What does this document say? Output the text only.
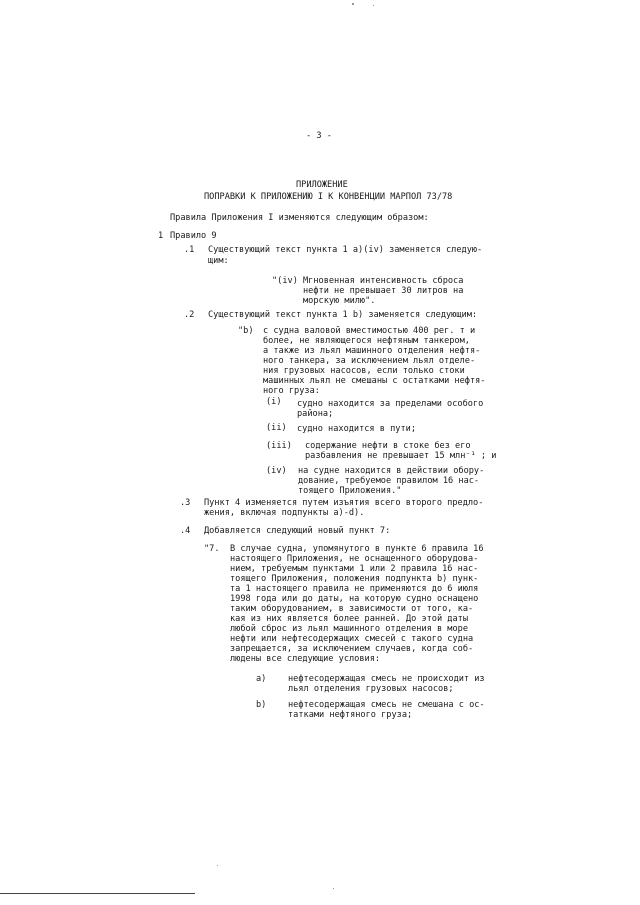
- 3 -
ПРИЛОЖЕНИЕ
ПОПРАВКИ К ПРИЛОЖЕНИЮ I К КОНВЕНЦИИ МАРПОЛ 73/78
Правила Приложения I изменяются следующим образом:
1 Правило 9
.1 Существующий текст пункта 1 а)(iv) заменяется следую-
щим:
"(iv) Мгновенная интенсивность сброса
нефти не превышает 30 литров на
морскую милю".
.2 Существующий текст пункта 1 b) заменяется следующим:
"b) с судна валовой вместимостью 400 рег. т и
более, не являющегося нефтяным танкером,
а также из льял машинного отделения нефтя-
ного танкера, за исключением льял отделе-
ния грузовых насосов, если только стоки
машинных льял не смешаны с остатками нефтя-
ного груза:
(i) судно находится за пределами особого
района;
(ii) судно находится в пути;
(iii) содержание нефти в стоке без его
разбавления не превышает 15 млн⁻¹ ; и
(iv) на судне находится в действии обору-
дование, требуемое правилом 16 нас-
тоящего Приложения."
.3 Пункт 4 изменяется путем изъятия всего второго предло-
жения, включая подпункты а)-d).
.4 Добавляется следующий новый пункт 7:
"7. В случае судна, упомянутого в пункте 6 правила 16
настоящего Приложения, не оснащенного оборудова-
нием, требуемым пунктами 1 или 2 правила 16 нас-
тоящего Приложения, положения подпункта b) пунк-
та 1 настоящего правила не применяются до 6 июля
1998 года или до даты, на которую судно оснащено
таким оборудованием, в зависимости от того, ка-
кая из них является более ранней. До этой даты
любой сброс из льял машинного отделения в море
нефти или нефтесодержащих смесей с такого судна
запрещается, за исключением случаев, когда соб-
людены все следующие условия:
a)	нефтесодержащая смесь не происходит из
льял отделения грузовых насосов;
b)	нефтесодержащая смесь не смешана с ос-
татками нефтяного груза;
